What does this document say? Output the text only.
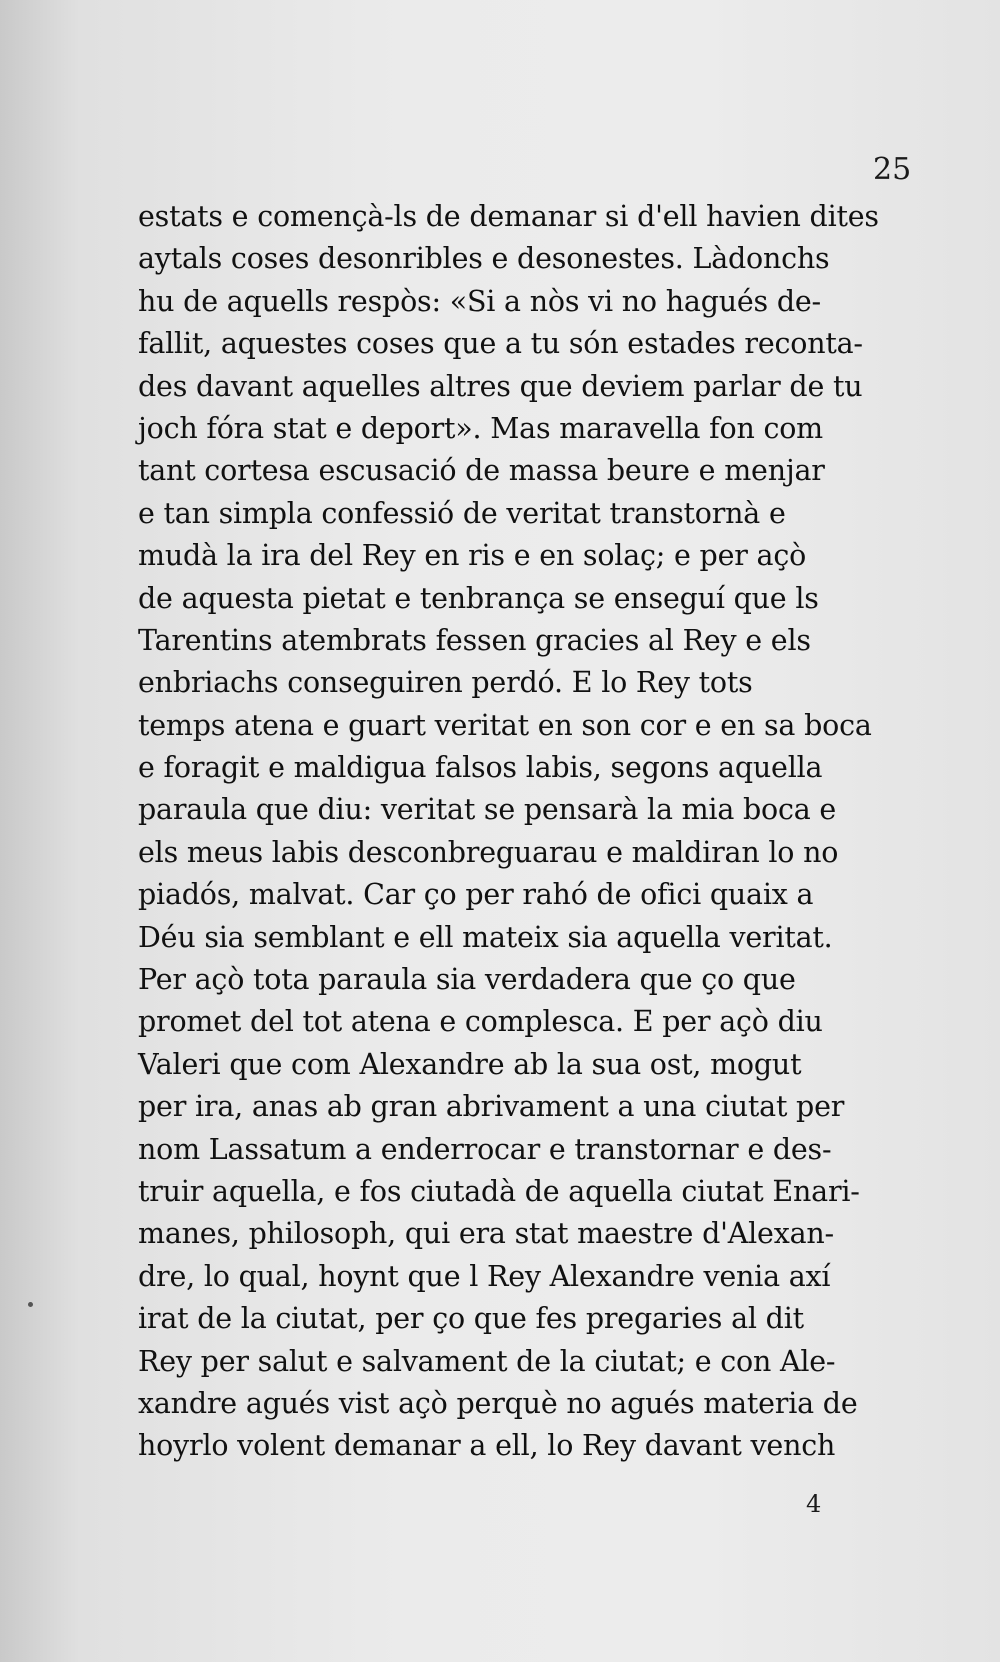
25
estats e començà-ls de demanar si d'ell havien dites
aytals coses desonribles e desonestes. Làdonchs
hu de aquells respòs: «Si a nòs vi no hagués de-
fallit, aquestes coses que a tu són estades reconta-
des davant aquelles altres que deviem parlar de tu
joch fóra stat e deport». Mas maravella fon com
tant cortesa escusació de massa beure e menjar
e tan simpla confessió de veritat transtornà e
mudà la ira del Rey en ris e en solaç; e per açò
de aquesta pietat e tenbrança se enseguí que ls
Tarentins atembrats fessen gracies al Rey e els
enbriachs conseguiren perdó. E lo Rey tots
temps atena e guart veritat en son cor e en sa boca
e foragit e maldigua falsos labis, segons aquella
paraula que diu: veritat se pensarà la mia boca e
els meus labis desconbreguarau e maldiran lo no
piadós, malvat. Car ço per rahó de ofici quaix a
Déu sia semblant e ell mateix sia aquella veritat.
Per açò tota paraula sia verdadera que ço que
promet del tot atena e complesca. E per açò diu
Valeri que com Alexandre ab la sua ost, mogut
per ira, anas ab gran abrivament a una ciutat per
nom Lassatum a enderrocar e transtornar e des-
truir aquella, e fos ciutadà de aquella ciutat Enari-
manes, philosoph, qui era stat maestre d'Alexan-
dre, lo qual, hoynt que l Rey Alexandre venia axí
irat de la ciutat, per ço que fes pregaries al dit
Rey per salut e salvament de la ciutat; e con Ale-
xandre agués vist açò perquè no agués materia de
hoyrlo volent demanar a ell, lo Rey davant vench
4
